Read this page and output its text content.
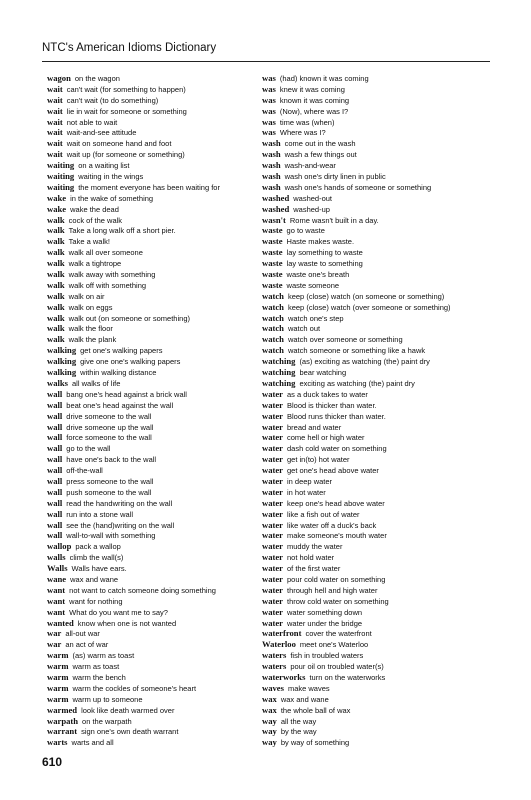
NTC's American Idioms Dictionary
wagon on the wagon
wait can't wait (for something to happen)
wait can't wait (to do something)
wait lie in wait for someone or something
wait not able to wait
wait wait-and-see attitude
wait wait on someone hand and foot
wait wait up (for someone or something)
waiting on a waiting list
waiting waiting in the wings
waiting the moment everyone has been waiting for
wake in the wake of something
wake wake the dead
walk cock of the walk
walk Take a long walk off a short pier.
walk Take a walk!
walk walk all over someone
walk walk a tightrope
walk walk away with something
walk walk off with something
walk walk on air
walk walk on eggs
walk walk out (on someone or something)
walk walk the floor
walk walk the plank
walking get one's walking papers
walking give one one's walking papers
walking within walking distance
walks all walks of life
wall bang one's head against a brick wall
wall beat one's head against the wall
wall drive someone to the wall
wall drive someone up the wall
wall force someone to the wall
wall go to the wall
wall have one's back to the wall
wall off-the-wall
wall press someone to the wall
wall push someone to the wall
wall read the handwriting on the wall
wall run into a stone wall
wall see the (hand)writing on the wall
wall wall-to-wall with something
wallop pack a wallop
walls climb the wall(s)
Walls Walls have ears.
wane wax and wane
want not want to catch someone doing something
want want for nothing
want What do you want me to say?
wanted know when one is not wanted
war all-out war
war an act of war
warm (as) warm as toast
warm warm as toast
warm warm the bench
warm warm the cockles of someone's heart
warm warm up to someone
warmed look like death warmed over
warpath on the warpath
warrant sign one's own death warrant
warts warts and all
was (had) known it was coming
was knew it was coming
was known it was coming
was (Now), where was I?
was time was (when)
was Where was I?
wash come out in the wash
wash wash a few things out
wash wash-and-wear
wash wash one's dirty linen in public
wash wash one's hands of someone or something
washed washed-out
washed washed-up
wasn't Rome wasn't built in a day.
waste go to waste
waste Haste makes waste.
waste lay something to waste
waste lay waste to something
waste waste one's breath
waste waste someone
watch keep (close) watch (on someone or something)
watch keep (close) watch (over someone or something)
watch watch one's step
watch watch out
watch watch over someone or something
watch watch someone or something like a hawk
watching (as) exciting as watching (the) paint dry
watching bear watching
watching exciting as watching (the) paint dry
water as a duck takes to water
water Blood is thicker than water.
water Blood runs thicker than water.
water bread and water
water come hell or high water
water dash cold water on something
water get in(to) hot water
water get one's head above water
water in deep water
water in hot water
water keep one's head above water
water like a fish out of water
water like water off a duck's back
water make someone's mouth water
water muddy the water
water not hold water
water of the first water
water pour cold water on something
water through hell and high water
water throw cold water on something
water water something down
water water under the bridge
waterfront cover the waterfront
Waterloo meet one's Waterloo
waters fish in troubled waters
waters pour oil on troubled water(s)
waterworks turn on the waterworks
waves make waves
wax wax and wane
wax the whole ball of wax
way all the way
way by the way
way by way of something
610
